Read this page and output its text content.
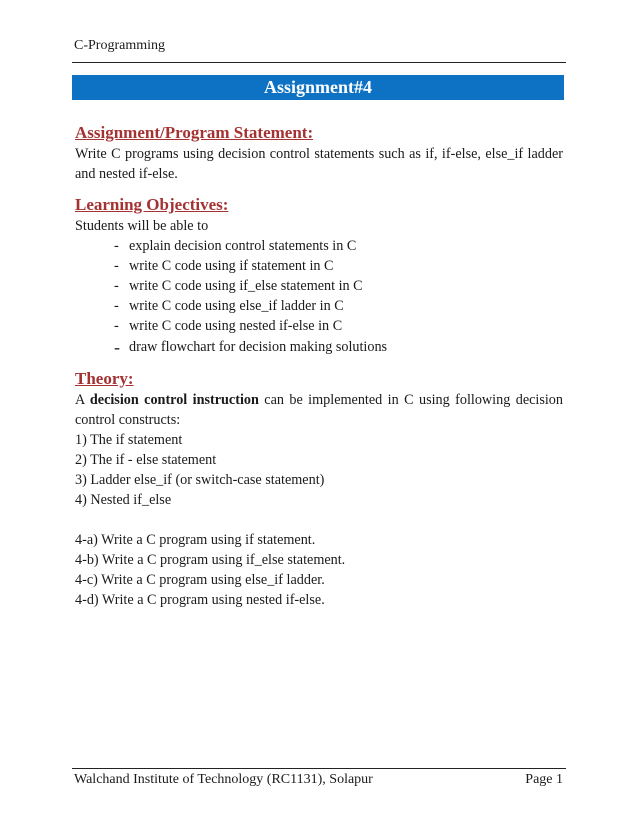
C-Programming
Assignment#4
Assignment/Program Statement:

Write C programs using decision control statements such as if, if-else, else_if ladder and nested if-else.

Learning Objectives:

Students will be able to

- explain decision control statements in C
- write C code using if statement in C
- write C code using if_else statement in C
- write C code using else_if ladder in C
- write C code using nested if-else in C
- draw flowchart for decision making solutions
Theory:

A decision control instruction can be implemented in C using following decision control constructs:

1) The if statement

2) The if - else statement

3) Ladder else_if (or switch-case statement)

4) Nested if_else

4-a) Write a C program using if statement.

4-b) Write a C program using if_else statement.

4-c) Write a C program using else_if ladder.

4-d) Write a C program using nested if-else.

Walchand Institute of Technology (RC1131), Solapur	Page 1
